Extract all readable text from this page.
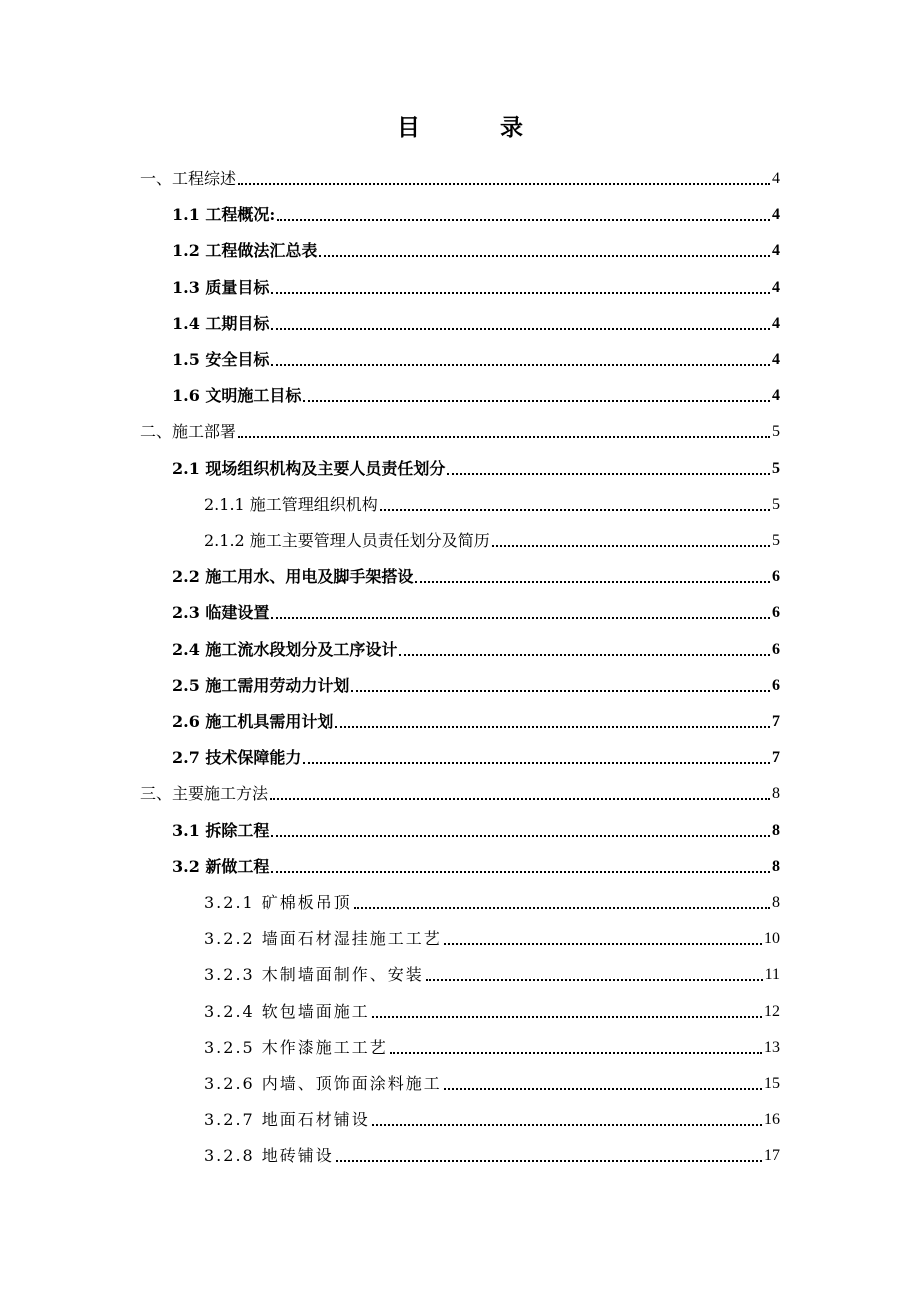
目 录
一、工程综述	4
1.1 工程概况:	4
1.2 工程做法汇总表	4
1.3 质量目标	4
1.4 工期目标	4
1.5 安全目标	4
1.6 文明施工目标	4
二、施工部署	5
2.1 现场组织机构及主要人员责任划分	5
2.1.1 施工管理组织机构	5
2.1.2 施工主要管理人员责任划分及简历	5
2.2 施工用水、用电及脚手架搭设	6
2.3 临建设置	6
2.4 施工流水段划分及工序设计	6
2.5 施工需用劳动力计划	6
2.6 施工机具需用计划	7
2.7 技术保障能力	7
三、主要施工方法	8
3.1 拆除工程	8
3.2 新做工程	8
3.2.1 矿棉板吊顶	8
3.2.2 墙面石材湿挂施工工艺	10
3.2.3 木制墙面制作、安装	11
3.2.4 软包墙面施工	12
3.2.5 木作漆施工工艺	13
3.2.6 内墙、顶饰面涂料施工	15
3.2.7 地面石材铺设	16
3.2.8 地砖铺设	17
